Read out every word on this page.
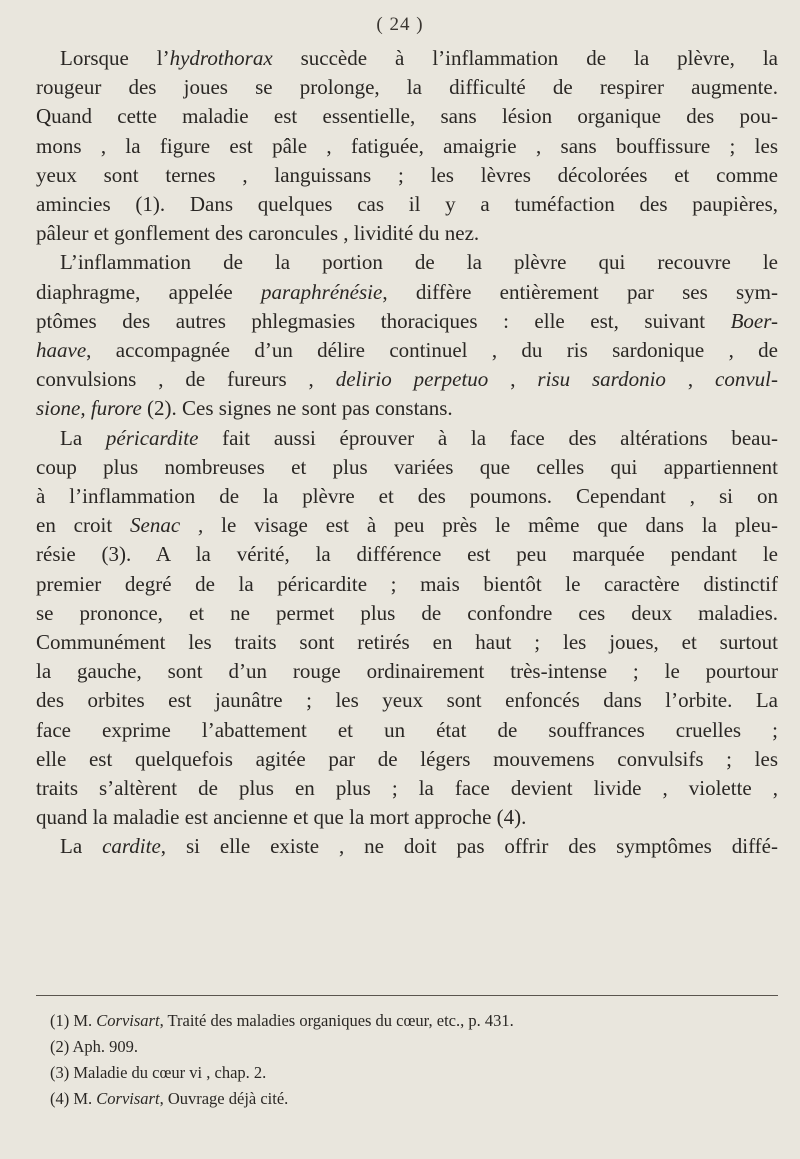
( 24 )
Lorsque l’hydrothorax succède à l’inflammation de la plèvre, la
rougeur des joues se prolonge, la difficulté de respirer augmente.
Quand cette maladie est essentielle, sans lésion organique des pou-
mons , la figure est pâle , fatiguée, amaigrie , sans bouffissure ; les
yeux sont ternes , languissans ; les lèvres décolorées et comme
amincies (1). Dans quelques cas il y a tuméfaction des paupières,
pâleur et gonflement des caroncules , lividité du nez.
L’inflammation de la portion de la plèvre qui recouvre le
diaphragme, appelée paraphrénésie, diffère entièrement par ses sym-
ptômes des autres phlegmasies thoraciques : elle est, suivant Boer-
haave, accompagnée d’un délire continuel , du ris sardonique , de
convulsions , de fureurs , delirio perpetuo , risu sardonio , convul-
sione, furore (2). Ces signes ne sont pas constans.
La péricardite fait aussi éprouver à la face des altérations beau-
coup plus nombreuses et plus variées que celles qui appartiennent
à l’inflammation de la plèvre et des poumons. Cependant , si on
en croit Senac , le visage est à peu près le même que dans la pleu-
résie (3). A la vérité, la différence est peu marquée pendant le
premier degré de la péricardite ; mais bientôt le caractère distinctif
se prononce, et ne permet plus de confondre ces deux maladies.
Communément les traits sont retirés en haut ; les joues, et surtout
la gauche, sont d’un rouge ordinairement très-intense ; le pourtour
des orbites est jaunâtre ; les yeux sont enfoncés dans l’orbite. La
face exprime l’abattement et un état de souffrances cruelles ;
elle est quelquefois agitée par de légers mouvemens convulsifs ; les
traits s’altèrent de plus en plus ; la face devient livide , violette ,
quand la maladie est ancienne et que la mort approche (4).
La cardite, si elle existe , ne doit pas offrir des symptômes diffé-
(1) M. Corvisart, Traité des maladies organiques du cœur, etc., p. 431.
(2) Aph. 909.
(3) Maladie du cœur vi , chap. 2.
(4) M. Corvisart, Ouvrage déjà cité.
